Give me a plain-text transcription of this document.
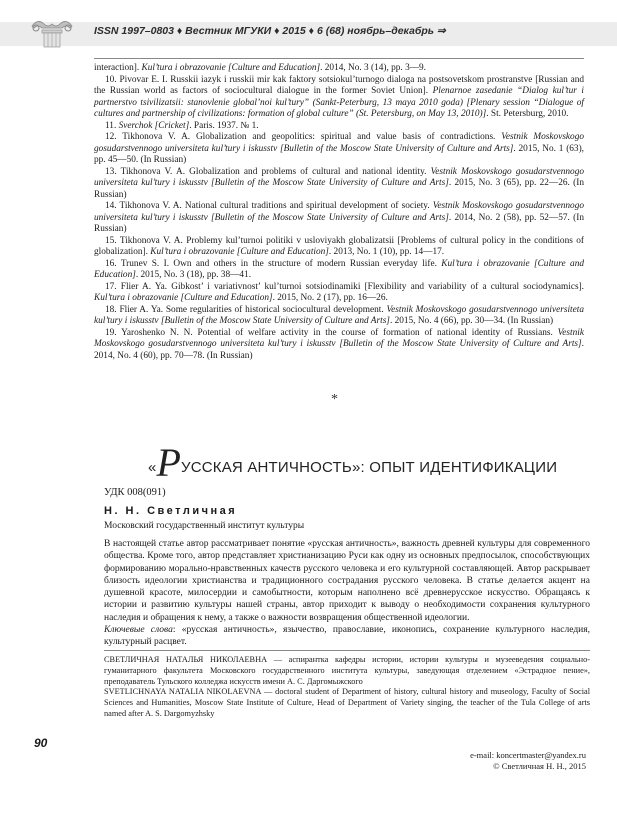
ISSN 1997–0803 ♦ Вестник МГУКИ ♦ 2015 ♦ 6 (68) ноябрь–декабрь ⇒

interaction]. Kul’tura i obrazovanie [Culture and Education]. 2014, No. 3 (14), pp. 3—9.

10. Pivovar E. I. Russkii iazyk i russkii mir kak faktory sotsiokul’turnogo dialoga na postsovetskom prostranstve [Russian and the Russian world as factors of sociocultural dialogue in the former Soviet Union]. Plenarnoe zasedanie “Dialog kul’tur i partnerstvo tsivilizatsii: stanovlenie global’noi kul’tury” (Sankt-Peterburg, 13 maya 2010 goda) [Plenary session “Dialogue of cultures and partnership of civilizations: formation of global culture” (St. Petersburg, on May 13, 2010)]. St. Petersburg, 2010.

11. Sverchok [Cricket]. Paris. 1937. № 1.

12. Tikhonova V. A. Globalization and geopolitics: spiritual and value basis of contradictions. Vestnik Moskovskogo gosudarstvennogo universiteta kul’tury i iskusstv [Bulletin of the Moscow State University of Culture and Arts]. 2015, No. 1 (63), pp. 45—50. (In Russian)

13. Tikhonova V. A. Globalization and problems of cultural and national identity. Vestnik Moskovskogo gosudarstvennogo universiteta kul’tury i iskusstv [Bulletin of the Moscow State University of Culture and Arts]. 2015, No. 3 (65), pp. 22—26. (In Russian)

14. Tikhonova V. A. National cultural traditions and spiritual development of society. Vestnik Moskovskogo gosudarstvennogo universiteta kul’tury i iskusstv [Bulletin of the Moscow State University of Culture and Arts]. 2014, No. 2 (58), pp. 52—57. (In Russian)

15. Tikhonova V. A. Problemy kul’turnoi politiki v usloviyakh globalizatsii [Problems of cultural policy in the conditions of globalization]. Kul’tura i obrazovanie [Culture and Education]. 2013, No. 1 (10), pp. 14—17.

16. Trunev S. I. Own and others in the structure of modern Russian everyday life. Kul’tura i obrazovanie [Culture and Education]. 2015, No. 3 (18), pp. 38—41.

17. Flier A. Ya. Gibkost’ i variativnost’ kul’turnoi sotsiodinamiki [Flexibility and variability of a cultural sociodynamics]. Kul’tura i obrazovanie [Culture and Education]. 2015, No. 2 (17), pp. 16—26.

18. Flier A. Ya. Some regularities of historical sociocultural development. Vestnik Moskovskogo gosudarstvennogo universiteta kul’tury i iskusstv [Bulletin of the Moscow State University of Culture and Arts]. 2015, No. 4 (66), pp. 30—34. (In Russian)

19. Yaroshenko N. N. Potential of welfare activity in the course of formation of national identity of Russians. Vestnik Moskovskogo gosudarstvennogo universiteta kul’tury i iskusstv [Bulletin of the Moscow State University of Culture and Arts]. 2014, No. 4 (60), pp. 70—78. (In Russian)

*
«РУССКАЯ АНТИЧНОСТЬ»: ОПЫТ ИДЕНТИФИКАЦИИ
УДК 008(091)
Н. Н. Светличная
Московский государственный институт культуры

В настоящей статье автор рассматривает понятие «русская античность», важность древней культуры для современного общества. Кроме того, автор представляет христианизацию Руси как одну из основных предпосылок, способствующих формированию морально-нравственных качеств русского человека и его культурной составляющей. Автор раскрывает близость идеологии христианства и традиционного сострадания русского человека. В статье делается акцент на душевной красоте, милосердии и самобытности, которым наполнено всё древнерусское искусство. Обращаясь к истории и развитию культуры нашей страны, автор приходит к выводу о необходимости сохранения культурного наследия и обращения к нему, а также о важности возвращения общественной идеологии.

Ключевые слова: «русская античность», язычество, православие, иконопись, сохранение культурного наследия, культурный расцвет.

СВЕТЛИЧНАЯ НАТАЛЬЯ НИКОЛАЕВНА — аспирантка кафедры истории, истории культуры и музееведения социально-гуманитарного факультета Московского государственного института культуры, заведующая отделением «Эстрадное пение», преподаватель Тульского колледжа искусств имени А. С. Даргомыжского

SVETLICHNAYA NATALIA NIKOLAEVNA — doctoral student of Department of history, cultural history and museology, Faculty of Social Sciences and Humanities, Moscow State Institute of Culture, Head of Department of Variety singing, the teacher of the Tula College of arts named after A. S. Dargomyzhsky

90
e-mail: koncertmaster@yandex.ru
© Светличная Н. Н., 2015
